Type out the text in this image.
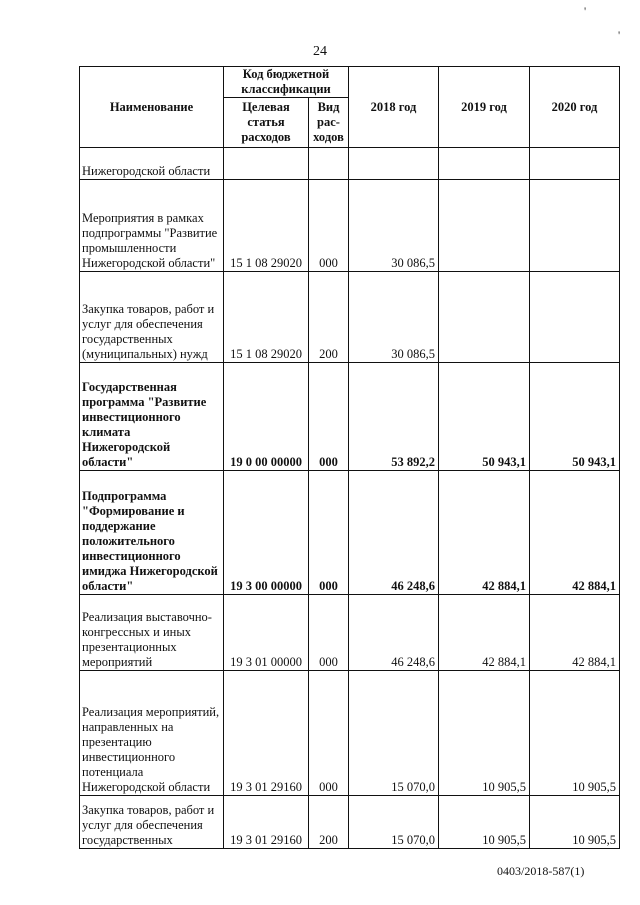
'
'
24
Наименование	Код бюджетной классификации		2018 год	2019 год	2020 год
	Целевая статья расходов	Вид рас-ходов			
Нижегородской области					
Мероприятия в рамках подпрограммы "Развитие промышленности Нижегородской области"	15 1 08 29020	000	30 086,5		
Закупка товаров, работ и услуг для обеспечения государственных (муниципальных) нужд	15 1 08 29020	200	30 086,5		
Государственная программа "Развитие инвестиционного климата Нижегородской области"	19 0 00 00000	000	53 892,2	50 943,1	50 943,1
Подпрограмма "Формирование и поддержание положительного инвестиционного имиджа Нижегородской области"	19 3 00 00000	000	46 248,6	42 884,1	42 884,1
Реализация выставочно-конгрессных и иных презентационных мероприятий	19 3 01 00000	000	46 248,6	42 884,1	42 884,1
Реализация мероприятий, направленных на презентацию инвестиционного потенциала Нижегородской области	19 3 01 29160	000	15 070,0	10 905,5	10 905,5
Закупка товаров, работ и услуг для обеспечения государственных	19 3 01 29160	200	15 070,0	10 905,5	10 905,5
0403/2018-587(1)
